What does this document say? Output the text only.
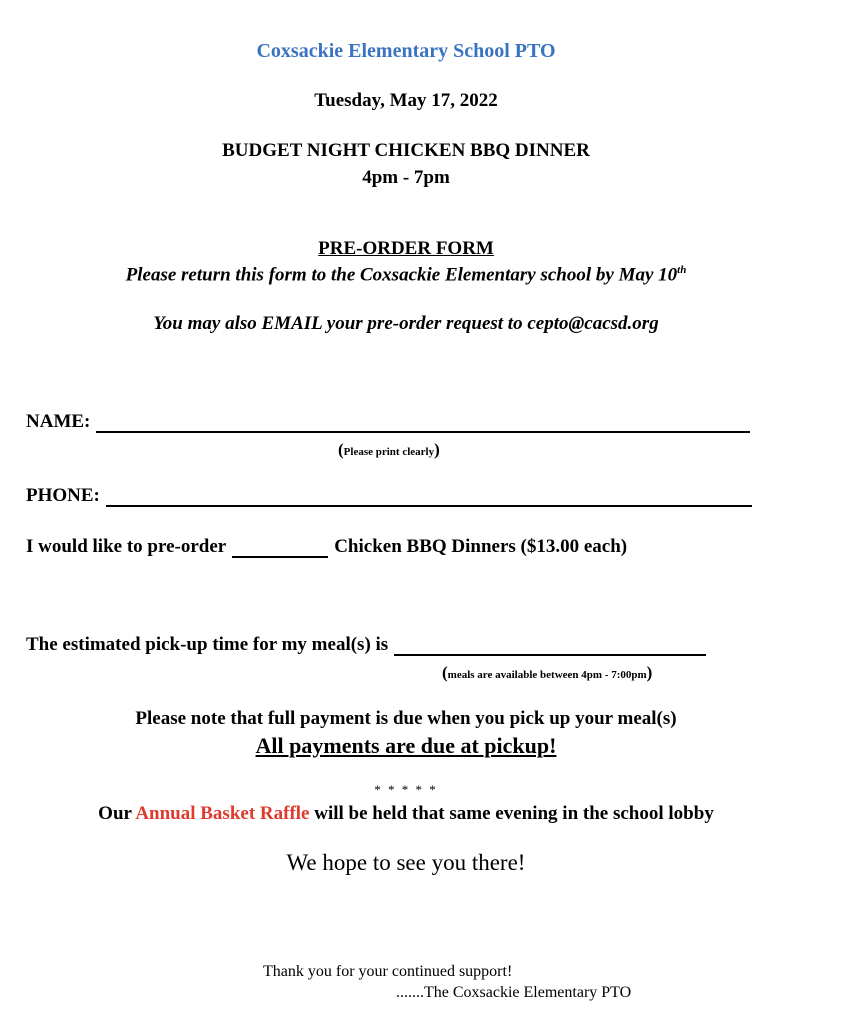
Coxsackie Elementary School PTO
Tuesday, May 17, 2022
BUDGET NIGHT CHICKEN BBQ DINNER
4pm - 7pm
PRE-ORDER FORM
Please return this form to the Coxsackie Elementary school by May 10th
You may also EMAIL your pre-order request to cepto@cacsd.org
NAME:
(Please print clearly)
PHONE:
I would like to pre-order	Chicken BBQ Dinners ($13.00 each)
The estimated pick-up time for my meal(s) is
(meals are available between 4pm - 7:00pm)
Please note that full payment is due when you pick up your meal(s)
All payments are due at pickup!
* * * * *
Our Annual Basket Raffle will be held that same evening in the school lobby
We hope to see you there!
Thank you for your continued support!
.......The Coxsackie Elementary PTO
